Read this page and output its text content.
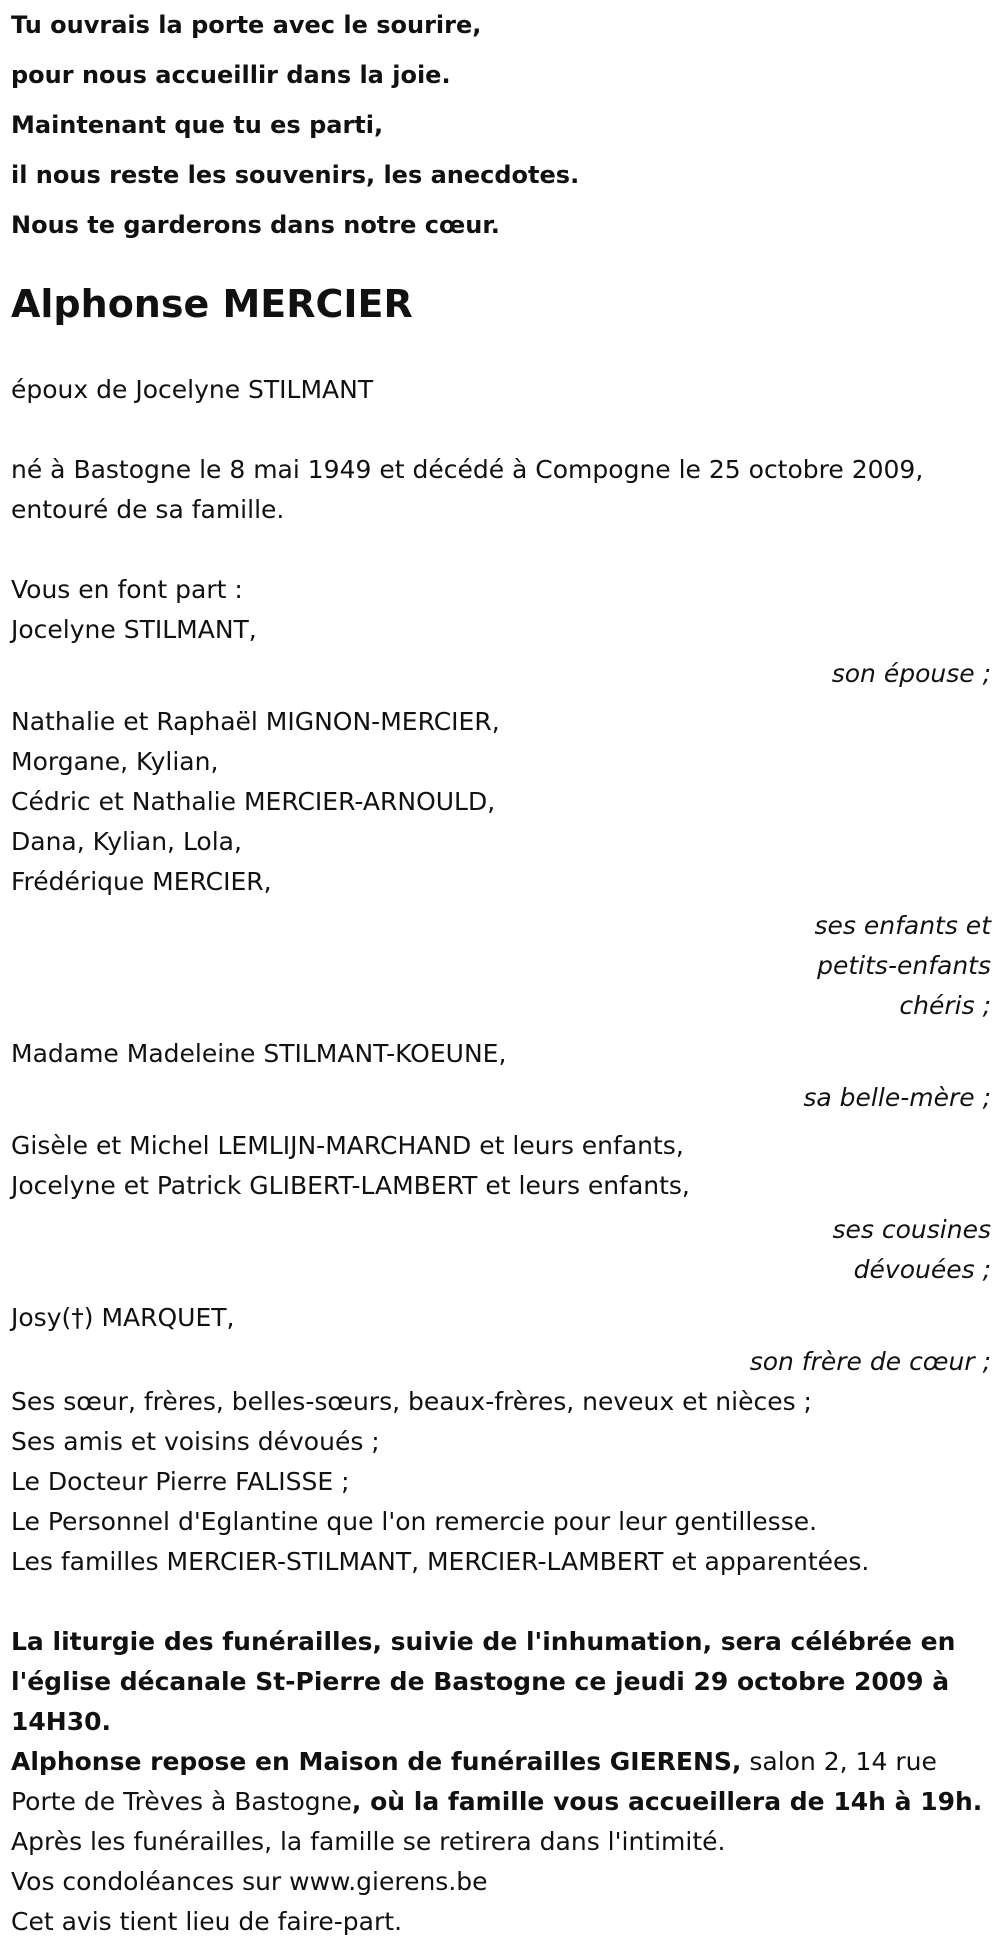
Tu ouvrais la porte avec le sourire,
pour nous accueillir dans la joie.
Maintenant que tu es parti,
il nous reste les souvenirs, les anecdotes.
Nous te garderons dans notre cœur.
Alphonse MERCIER
époux de Jocelyne STILMANT
né à Bastogne le 8 mai 1949 et décédé à Compogne le 25 octobre 2009,
entouré de sa famille.
Vous en font part :
Jocelyne STILMANT,
son épouse ;
Nathalie et Raphaël MIGNON-MERCIER,
Morgane, Kylian,
Cédric et Nathalie MERCIER-ARNOULD,
Dana, Kylian, Lola,
Frédérique MERCIER,
ses enfants et
petits-enfants
chéris ;
Madame Madeleine STILMANT-KOEUNE,
sa belle-mère ;
Gisèle et Michel LEMLIJN-MARCHAND et leurs enfants,
Jocelyne et Patrick GLIBERT-LAMBERT et leurs enfants,
ses cousines
dévouées ;
Josy(†) MARQUET,
son frère de cœur ;
Ses sœur, frères, belles-sœurs, beaux-frères, neveux et nièces ;
Ses amis et voisins dévoués ;
Le Docteur Pierre FALISSE ;
Le Personnel d'Eglantine que l'on remercie pour leur gentillesse.
Les familles MERCIER-STILMANT, MERCIER-LAMBERT et apparentées.
La liturgie des funérailles, suivie de l'inhumation, sera célébrée en
l'église décanale St-Pierre de Bastogne ce jeudi 29 octobre 2009 à
14H30.
Alphonse repose en Maison de funérailles GIERENS, salon 2, 14 rue
Porte de Trèves à Bastogne, où la famille vous accueillera de 14h à 19h.
Après les funérailles, la famille se retirera dans l'intimité.
Vos condoléances sur www.gierens.be
Cet avis tient lieu de faire-part.
